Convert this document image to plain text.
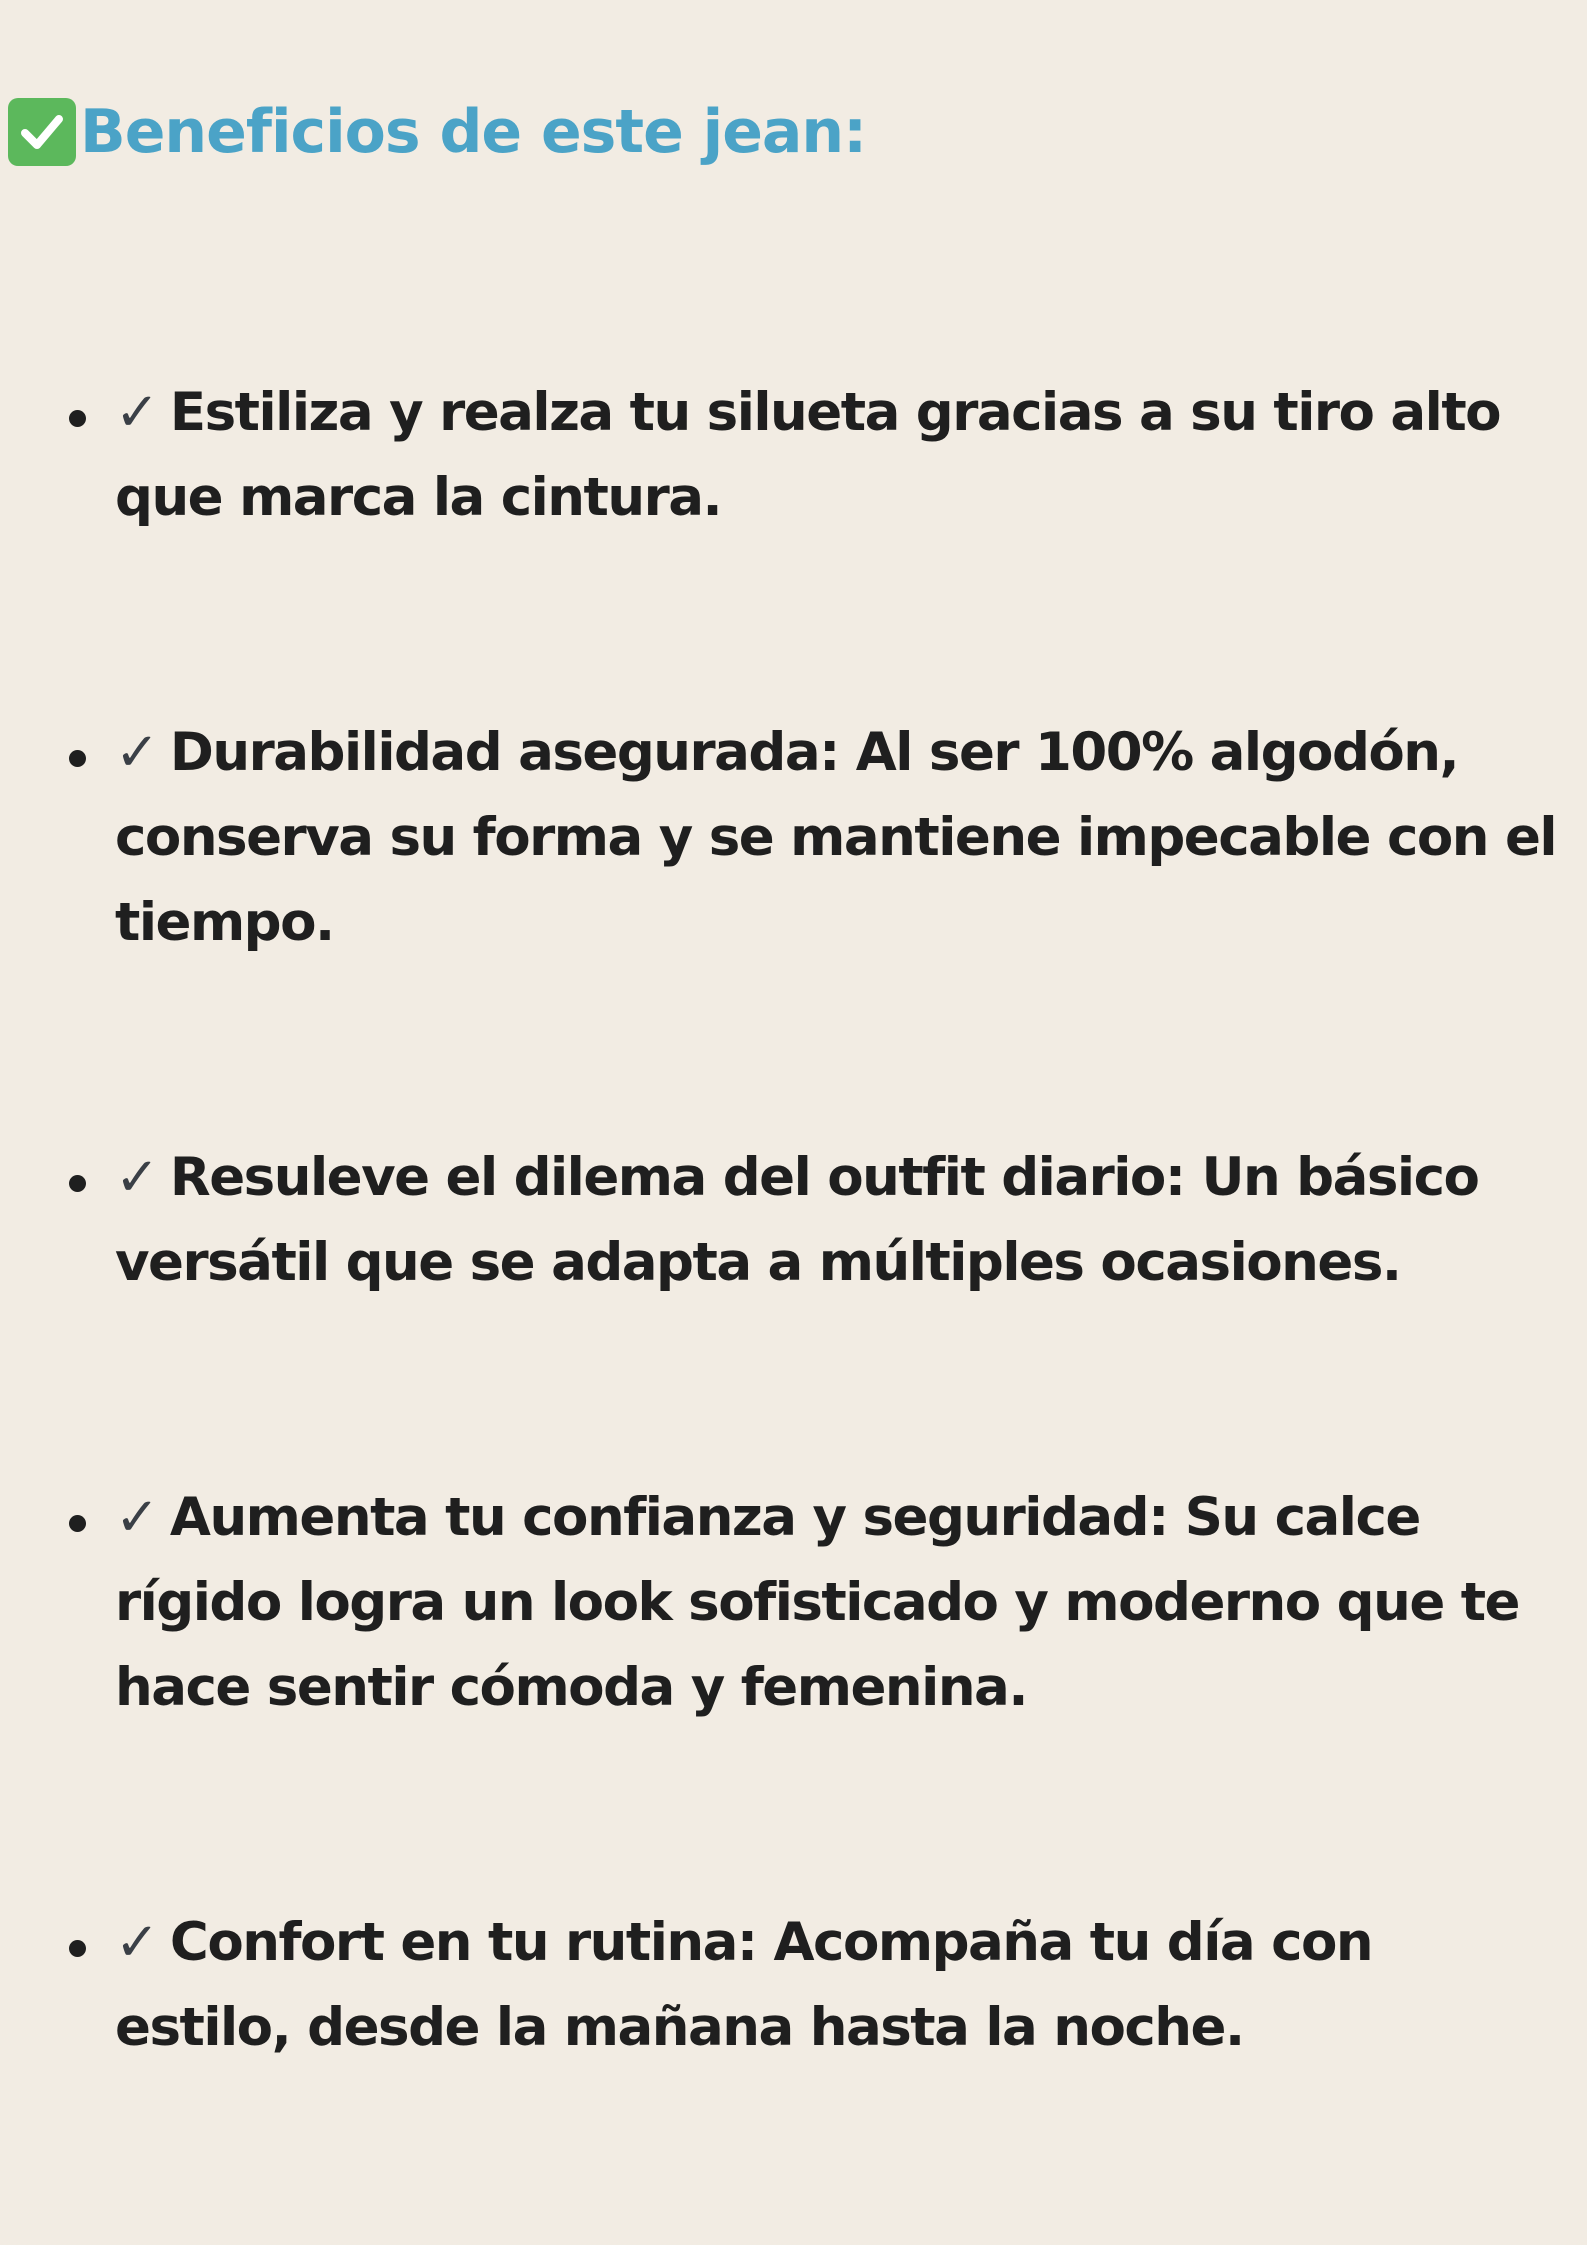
Beneficios de este jean:
✓ Estiliza y realza tu silueta gracias a su tiro alto
que marca la cintura.
✓ Durabilidad asegurada: Al ser 100% algodón,
conserva su forma y se mantiene impecable con el
tiempo.
✓ Resuleve el dilema del outfit diario: Un básico
versátil que se adapta a múltiples ocasiones.
✓ Aumenta tu confianza y seguridad: Su calce
rígido logra un look sofisticado y moderno que te
hace sentir cómoda y femenina.
✓ Confort en tu rutina: Acompaña tu día con
estilo, desde la mañana hasta la noche.
